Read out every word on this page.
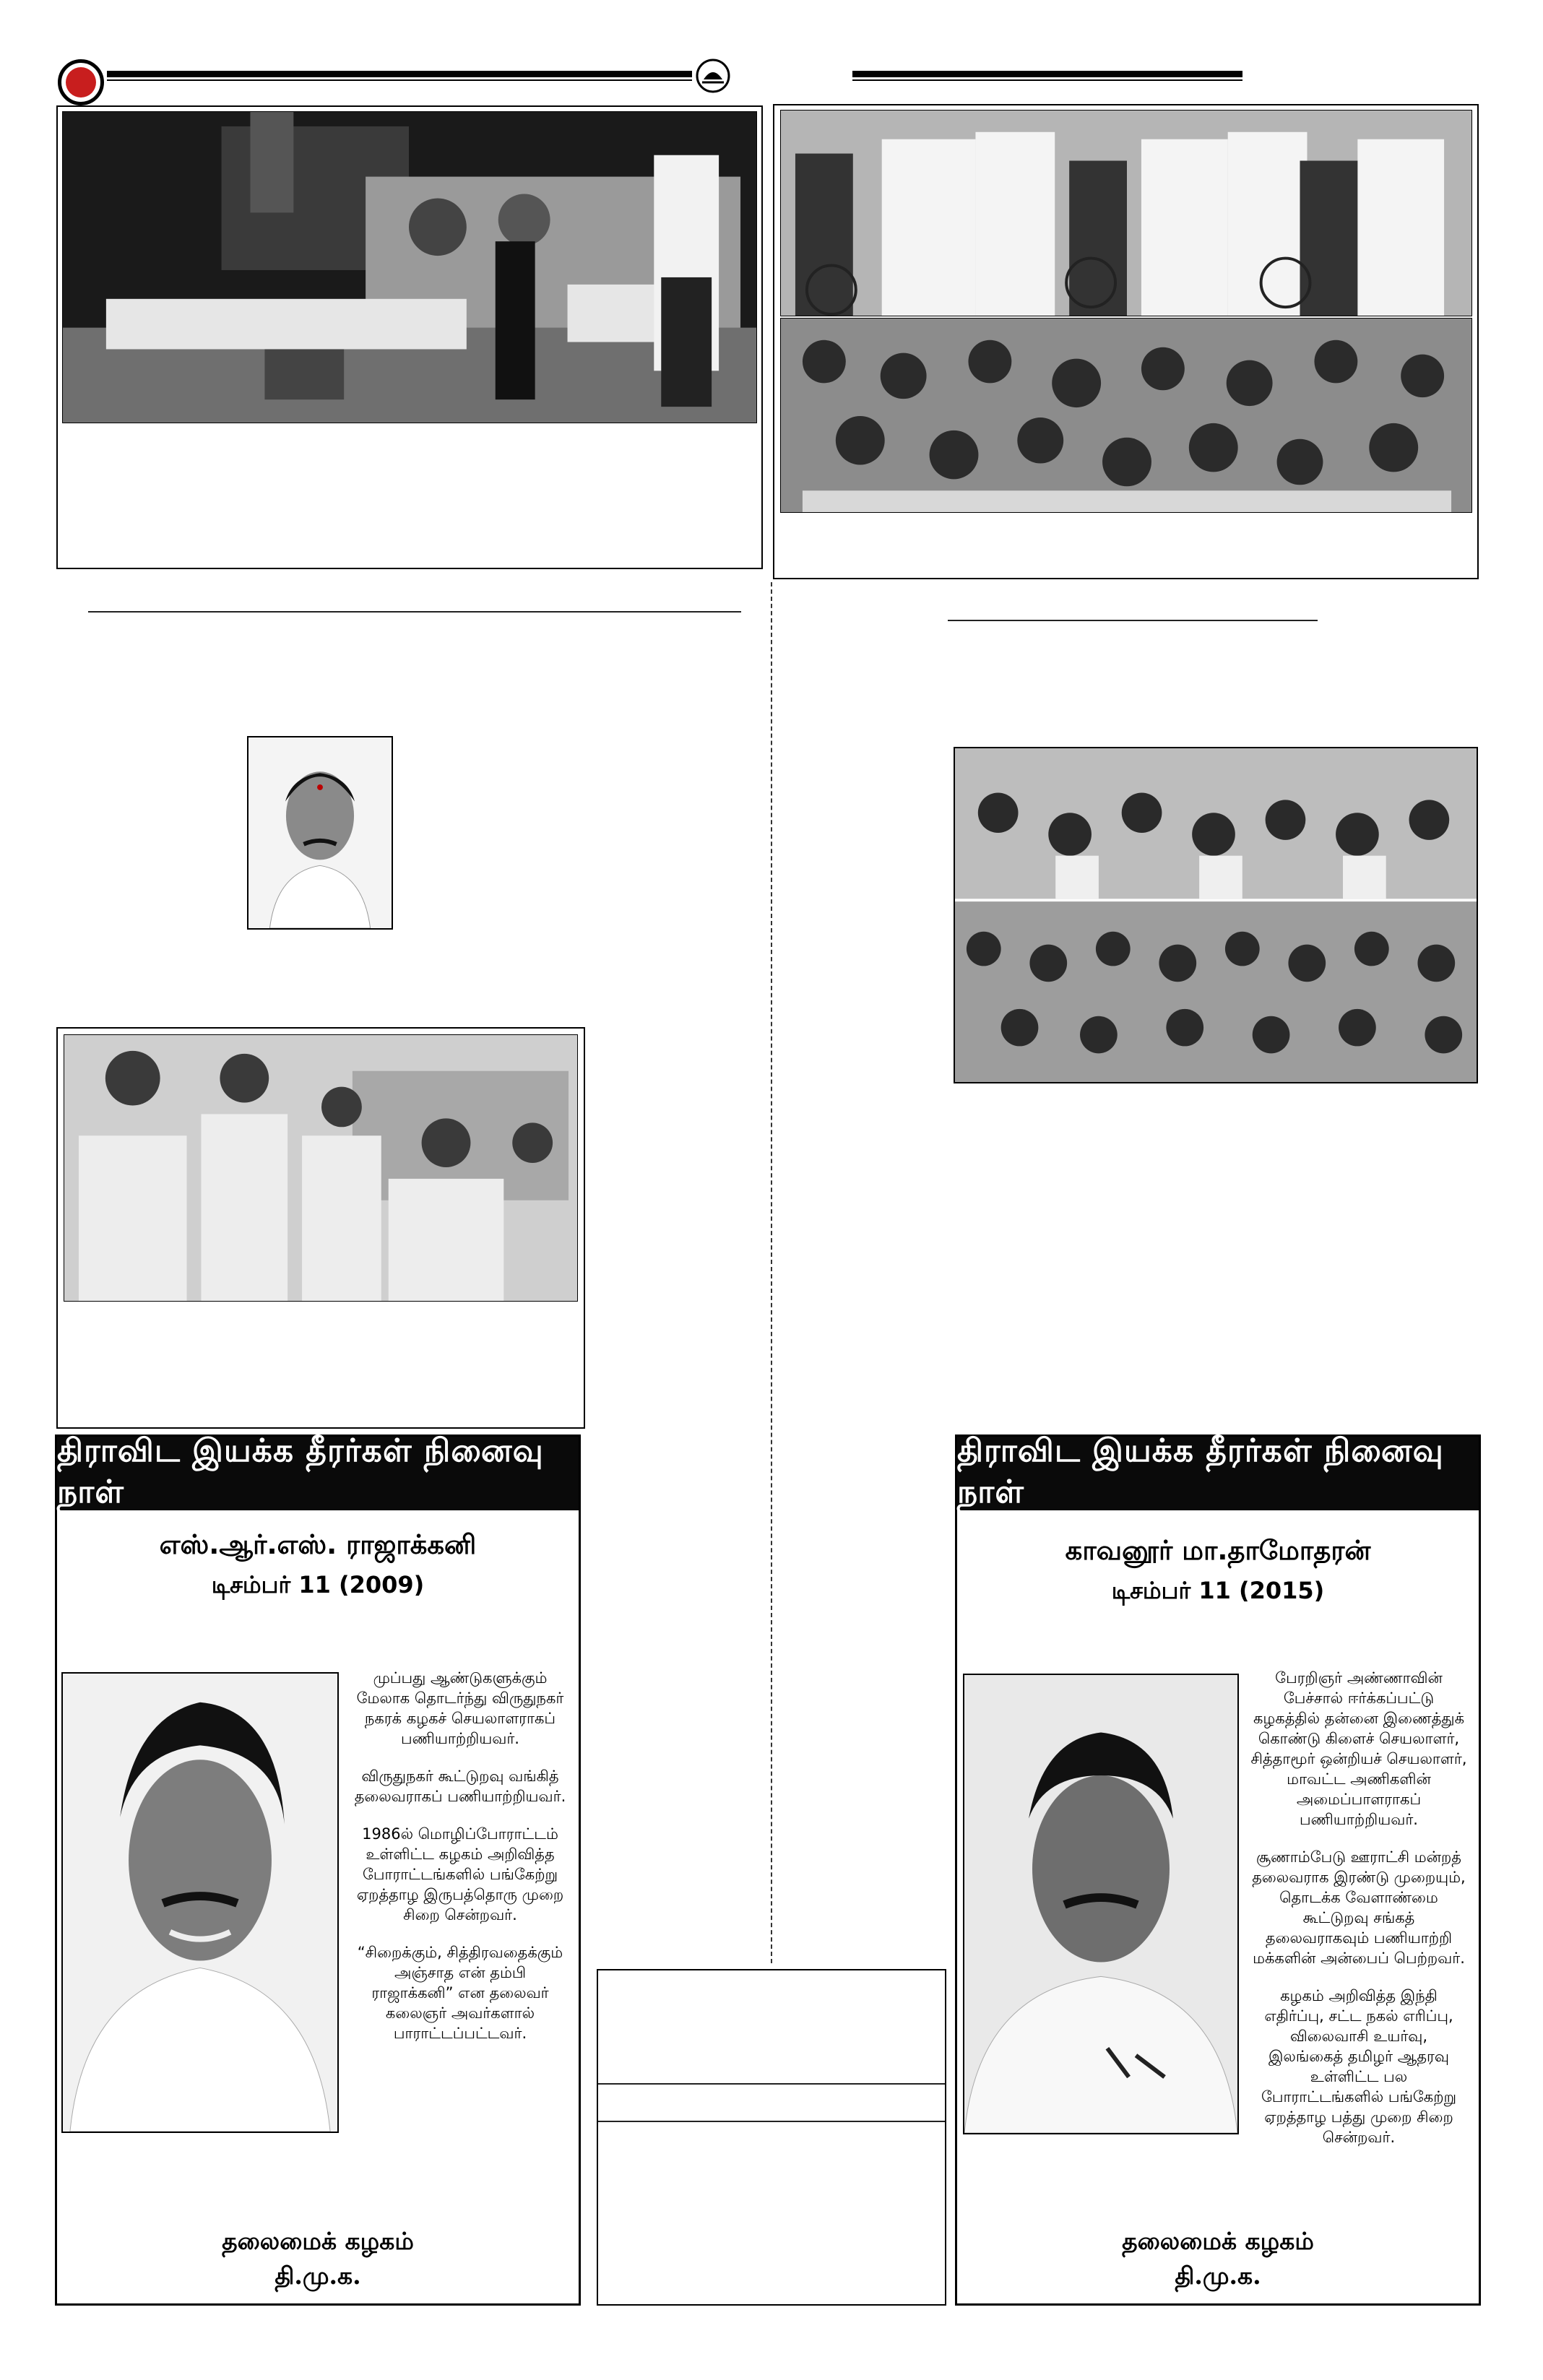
திராவிட இயக்க தீரர்கள் நினைவு நாள்
எஸ்.ஆர்.எஸ். ராஜாக்கனி
டிசம்பர் 11 (2009)

முப்பது ஆண்டுகளுக்கும் மேலாக தொடர்ந்து விருதுநகர் நகரக் கழகச் செயலாளராகப் பணியாற்றியவர்.

விருதுநகர் கூட்டுறவு வங்கித் தலைவராகப் பணியாற்றியவர்.

1986ல் மொழிப்போராட்டம் உள்ளிட்ட கழகம் அறிவித்த போராட்டங்களில் பங்கேற்று ஏறத்தாழ இருபத்தொரு முறை சிறை சென்றவர்.

“சிறைக்கும், சித்திரவதைக்கும் அஞ்சாத என் தம்பி ராஜாக்கனி” என தலைவர் கலைஞர் அவர்களால் பாராட்டப்பட்டவர்.

தலைமைக் கழகம்
தி.மு.க.
திராவிட இயக்க தீரர்கள் நினைவு நாள்
காவனூர் மா.தாமோதரன்
டிசம்பர் 11 (2015)

பேரறிஞர் அண்ணாவின் பேச்சால் ஈர்க்கப்பட்டு கழகத்தில் தன்னை இணைத்துக் கொண்டு கிளைச் செயலாளர், சித்தாமூர் ஒன்றியச் செயலாளர், மாவட்ட அணிகளின் அமைப்பாளராகப் பணியாற்றியவர்.

சூணாம்பேடு ஊராட்சி மன்றத் தலைவராக இரண்டு முறையும், தொடக்க வேளாண்மை கூட்டுறவு சங்கத் தலைவராகவும் பணியாற்றி மக்களின் அன்பைப் பெற்றவர்.

கழகம் அறிவித்த இந்தி எதிர்ப்பு, சட்ட நகல் எரிப்பு, விலைவாசி உயர்வு, இலங்கைத் தமிழர் ஆதரவு உள்ளிட்ட பல போராட்டங்களில் பங்கேற்று ஏறத்தாழ பத்து முறை சிறை சென்றவர்.

தலைமைக் கழகம்
தி.மு.க.
